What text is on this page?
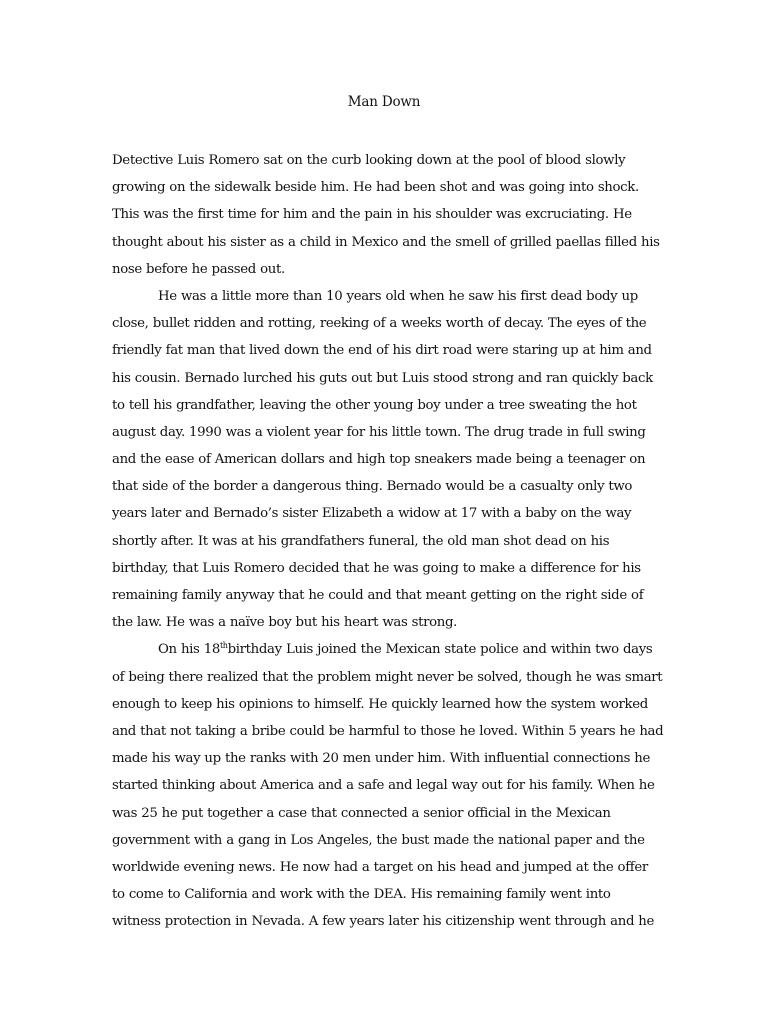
Man Down
Detective Luis Romero sat on the curb looking down at the pool of blood slowly
growing on the sidewalk beside him. He had been shot and was going into shock.
This was the first time for him and the pain in his shoulder was excruciating. He
thought about his sister as a child in Mexico and the smell of grilled paellas filled his
nose before he passed out.
He was a little more than 10 years old when he saw his first dead body up
close, bullet ridden and rotting, reeking of a weeks worth of decay. The eyes of the
friendly fat man that lived down the end of his dirt road were staring up at him and
his cousin. Bernado lurched his guts out but Luis stood strong and ran quickly back
to tell his grandfather, leaving the other young boy under a tree sweating the hot
august day. 1990 was a violent year for his little town. The drug trade in full swing
and the ease of American dollars and high top sneakers made being a teenager on
that side of the border a dangerous thing. Bernado would be a casualty only two
years later and Bernado’s sister Elizabeth a widow at 17 with a baby on the way
shortly after. It was at his grandfathers funeral, the old man shot dead on his
birthday, that Luis Romero decided that he was going to make a difference for his
remaining family anyway that he could and that meant getting on the right side of
the law. He was a naïve boy but his heart was strong.
On his 18thbirthday Luis joined the Mexican state police and within two days
of being there realized that the problem might never be solved, though he was smart
enough to keep his opinions to himself. He quickly learned how the system worked
and that not taking a bribe could be harmful to those he loved. Within 5 years he had
made his way up the ranks with 20 men under him. With influential connections he
started thinking about America and a safe and legal way out for his family. When he
was 25 he put together a case that connected a senior official in the Mexican
government with a gang in Los Angeles, the bust made the national paper and the
worldwide evening news. He now had a target on his head and jumped at the offer
to come to California and work with the DEA. His remaining family went into
witness protection in Nevada. A few years later his citizenship went through and he
